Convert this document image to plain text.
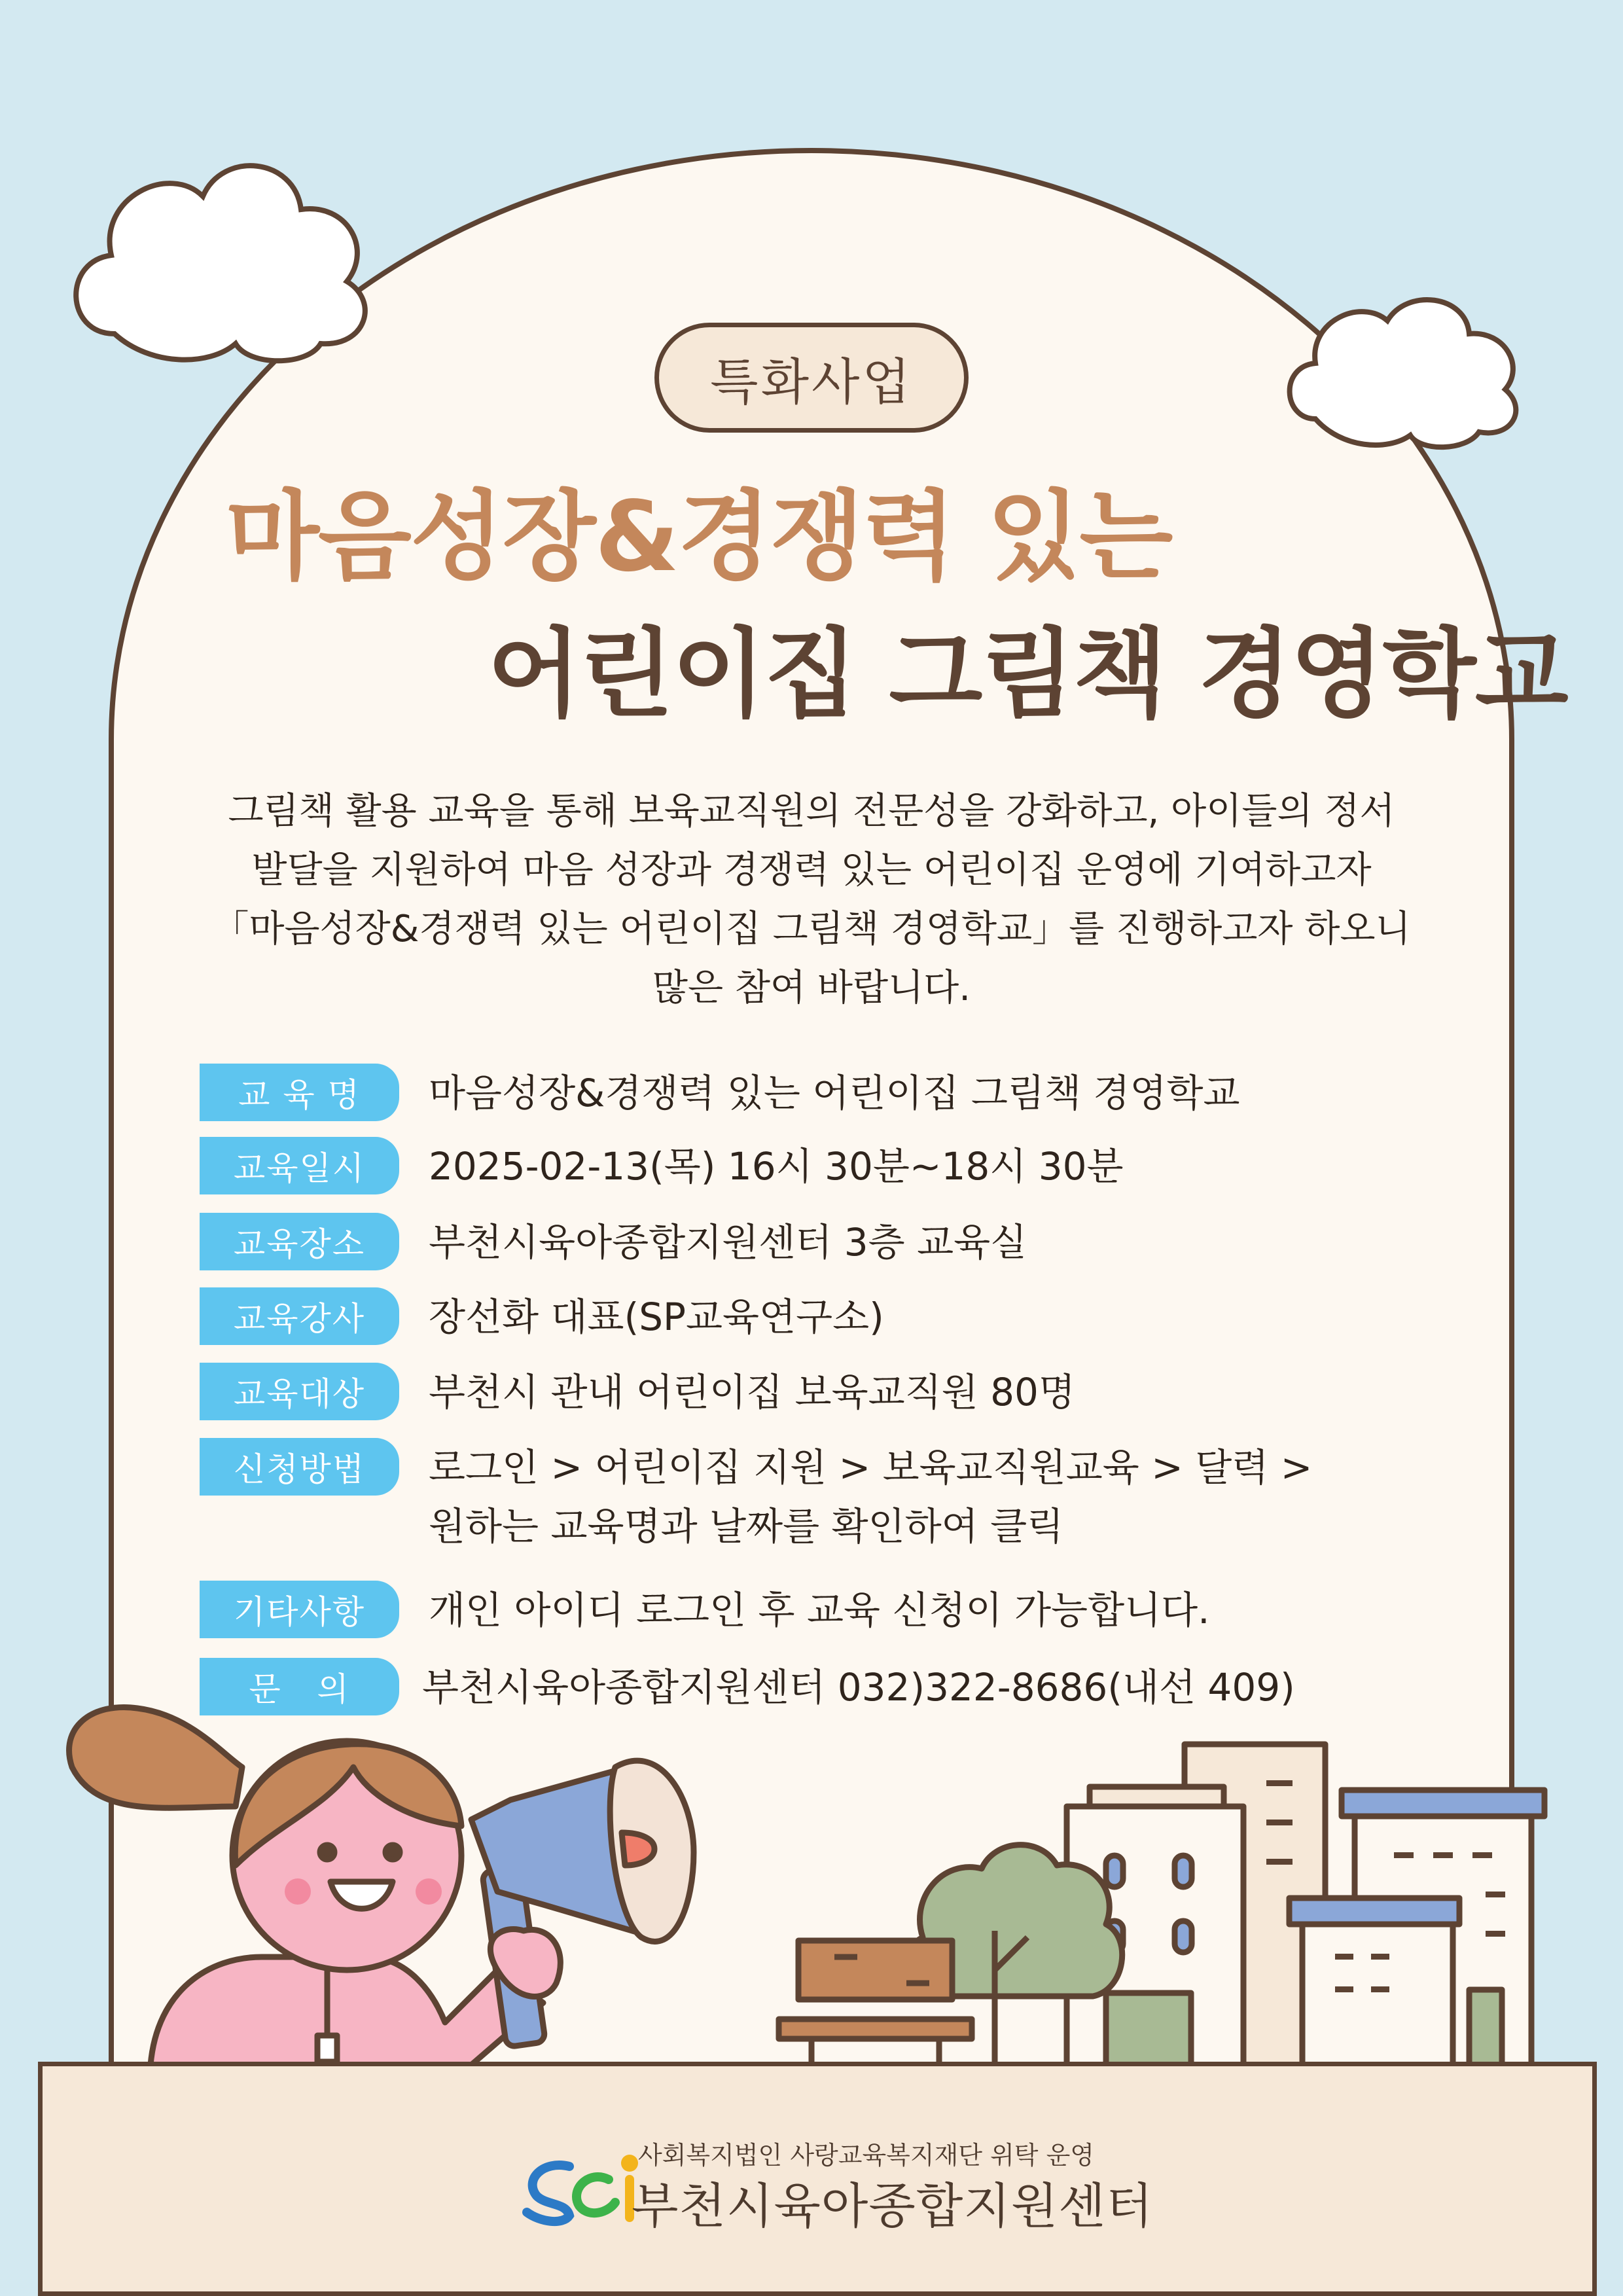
특화사업
마음성장&경쟁력 있는
어린이집 그림책 경영학교
그림책 활용 교육을 통해 보육교직원의 전문성을 강화하고, 아이들의 정서
발달을 지원하여 마음 성장과 경쟁력 있는 어린이집 운영에 기여하고자
「마음성장&경쟁력 있는 어린이집 그림책 경영학교」를 진행하고자 하오니
많은 참여 바랍니다.
교 육 명	마음성장&경쟁력 있는 어린이집 그림책 경영학교
교육일시	2025-02-13(목) 16시 30분~18시 30분
교육장소	부천시육아종합지원센터 3층 교육실
교육강사	장선화 대표(SP교육연구소)
교육대상	부천시 관내 어린이집 보육교직원 80명
신청방법	로그인 > 어린이집 지원 > 보육교직원교육 > 달력 >
원하는 교육명과 날짜를 확인하여 클릭
기타사항	개인 아이디 로그인 후 교육 신청이 가능합니다.
문   의	부천시육아종합지원센터 032)322-8686(내선 409)
사회복지법인 사랑교육복지재단 위탁 운영
부천시육아종합지원센터
